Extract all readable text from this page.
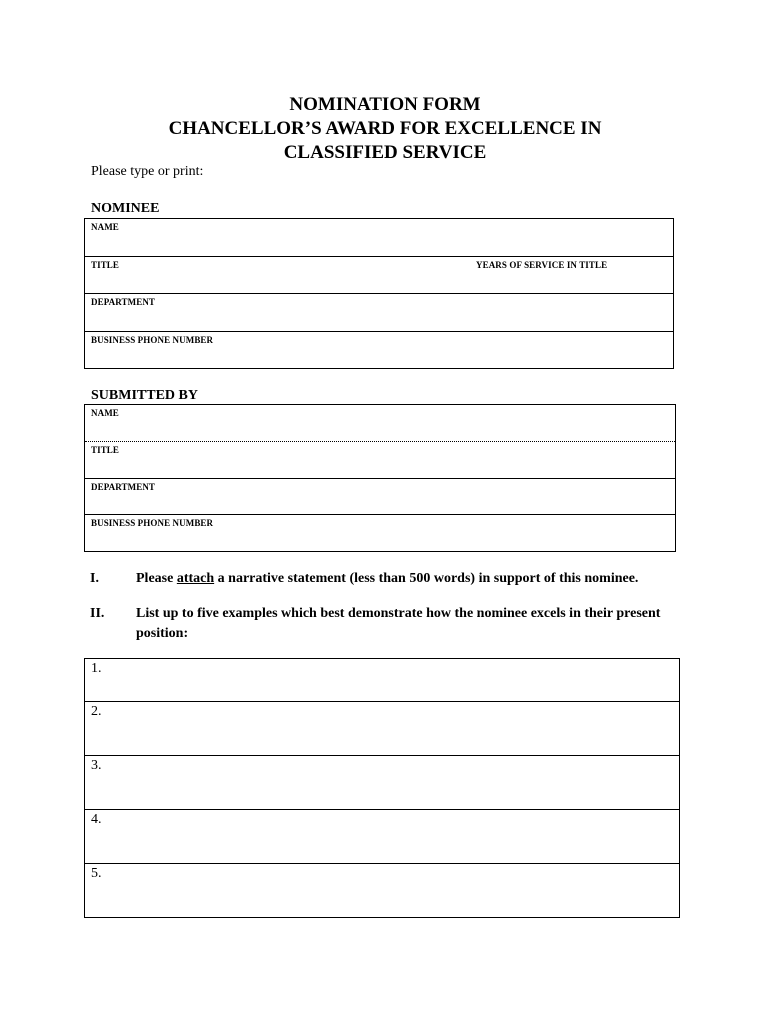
NOMINATION FORM
CHANCELLOR’S AWARD FOR EXCELLENCE IN
CLASSIFIED SERVICE
Please type or print:
NOMINEE
NAME
TITLE	YEARS OF SERVICE IN TITLE
DEPARTMENT
BUSINESS PHONE NUMBER
SUBMITTED BY
NAME
TITLE
DEPARTMENT
BUSINESS PHONE NUMBER
I.	Please attach a narrative statement (less than 500 words) in support of this nominee.
II. List up to five examples which best demonstrate how the nominee excels in their present position:
1.
2.
3.
4.
5.
